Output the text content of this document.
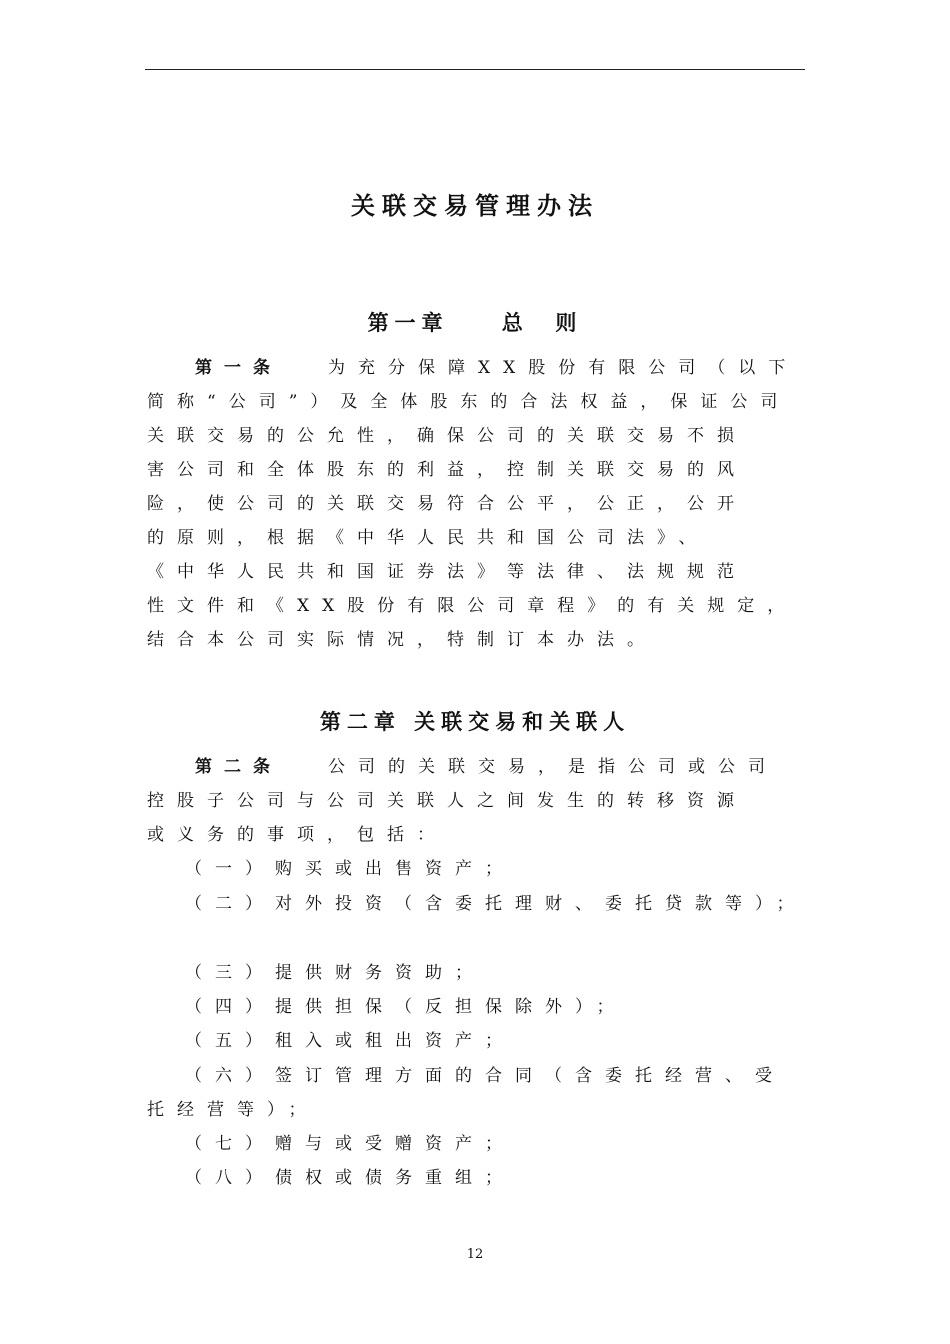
关联交易管理办法
第一章    总  则
第一条	为充分保障XX股份有限公司（以下
简称“公司”）及全体股东的合法权益，保证公司
关联交易的公允性，确保公司的关联交易不损
害公司和全体股东的利益，控制关联交易的风
险，使公司的关联交易符合公平，公正，公开
的原则，根据《中华人民共和国公司法》、
《中华人民共和国证券法》等法律、法规规范
性文件和《XX股份有限公司章程》的有关规定，
结合本公司实际情况，特制订本办法。
第二章 关联交易和关联人
第二条	公司的关联交易，是指公司或公司
控股子公司与公司关联人之间发生的转移资源
或义务的事项，包括：
（一）购买或出售资产；
（二）对外投资（含委托理财、委托贷款等）；
（三）提供财务资助；
（四）提供担保（反担保除外）；
（五）租入或租出资产；
（六）签订管理方面的合同（含委托经营、受
托经营等）；
（七）赠与或受赠资产；
（八）债权或债务重组；
12
